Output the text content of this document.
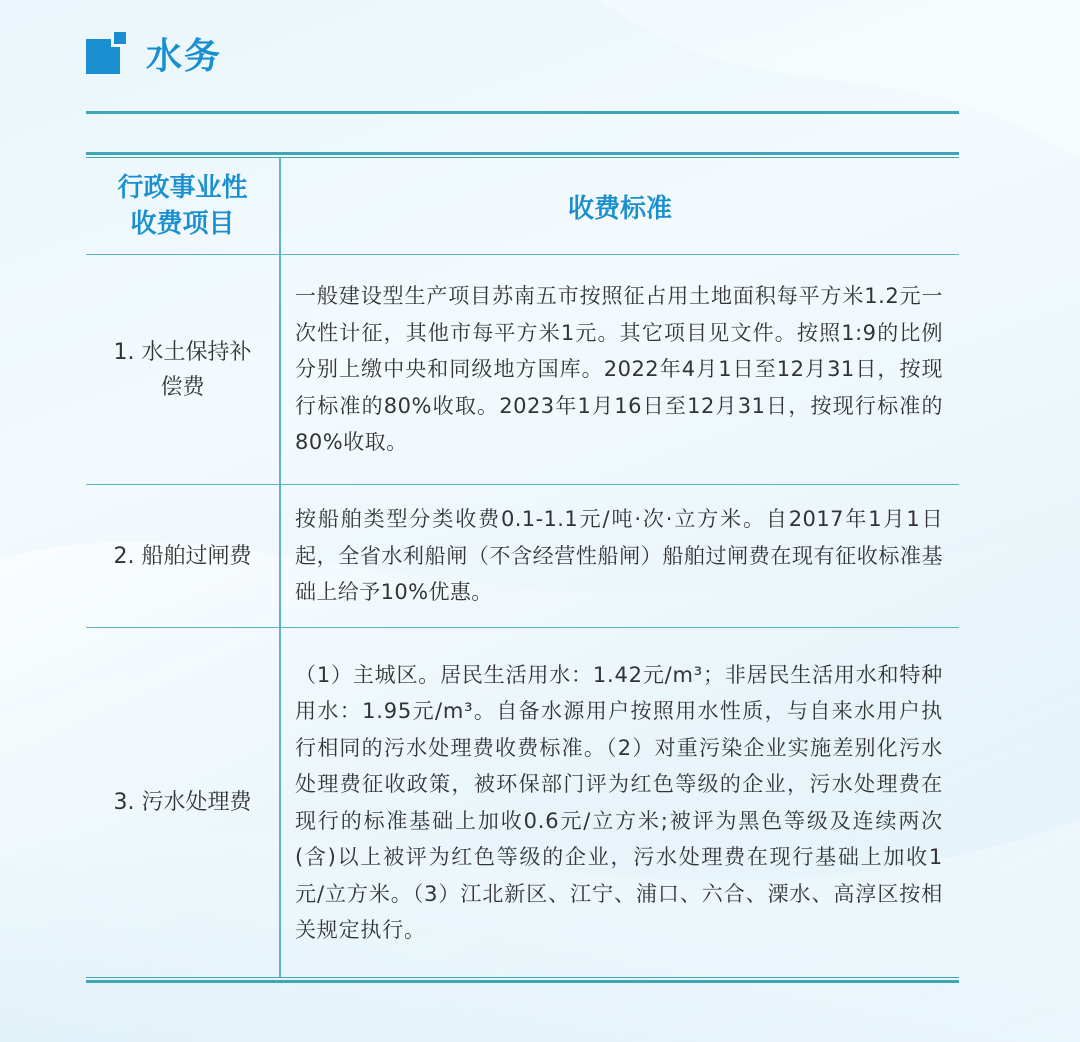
水务
行政事业性
收费项目
收费标准
1. 水土保持补偿费
一般建设型生产项目苏南五市按照征占用土地面积每平方米1.2元一次性计征，其他市每平方米1元。其它项目见文件。按照1:9的比例分别上缴中央和同级地方国库。2022年4月1日至12月31日，按现行标准的80%收取。2023年1月16日至12月31日，按现行标准的80%收取。
2. 船舶过闸费
按船舶类型分类收费0.1-1.1元/吨·次·立方米。自2017年1月1日起，全省水利船闸（不含经营性船闸）船舶过闸费在现有征收标准基础上给予10%优惠。
3. 污水处理费
（1）主城区。居民生活用水：1.42元/m³；非居民生活用水和特种用水：1.95元/m³。自备水源用户按照用水性质，与自来水用户执行相同的污水处理费收费标准。（2）对重污染企业实施差别化污水处理费征收政策，被环保部门评为红色等级的企业，污水处理费在现行的标准基础上加收0.6元/立方米;被评为黑色等级及连续两次(含)以上被评为红色等级的企业，污水处理费在现行基础上加收1元/立方米。（3）江北新区、江宁、浦口、六合、溧水、高淳区按相关规定执行。
